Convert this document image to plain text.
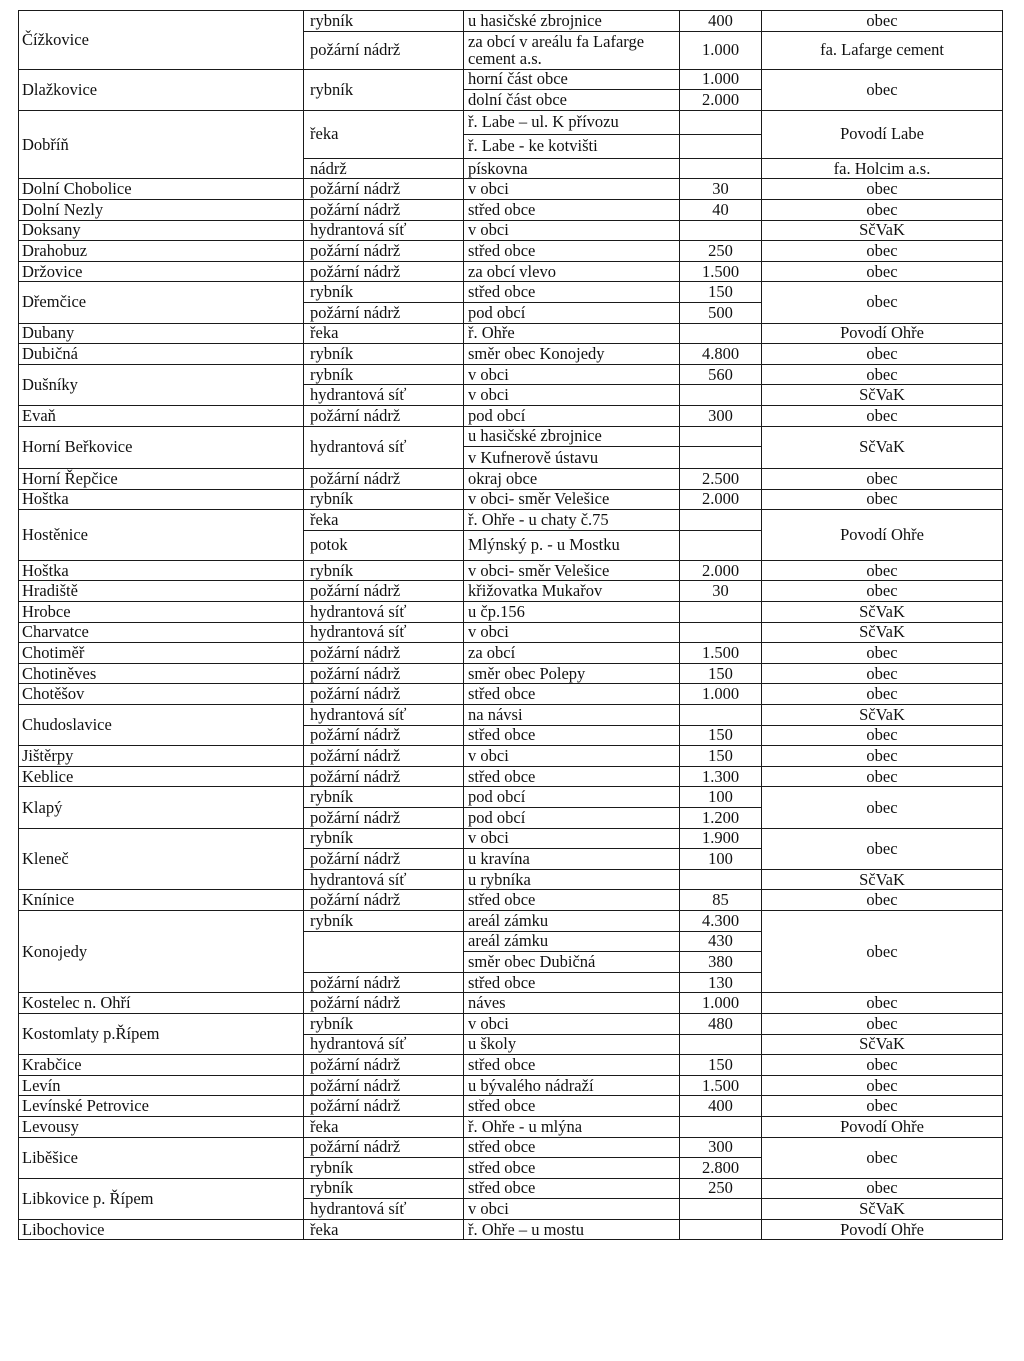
Čížkovice	rybník	u hasičské zbrojnice	400	obec
	požární nádrž	za obcí v areálu fa Lafarge cement a.s.	1.000	fa. Lafarge cement
Dlažkovice	rybník	horní část obce	1.000	obec
		dolní část obce	2.000	
Dobříň	řeka	ř. Labe – ul. K přívozu		Povodí Labe
		ř. Labe - ke kotvišti		
	nádrž	pískovna		fa. Holcim a.s.
Dolní Chobolice	požární nádrž	v obci	30	obec
Dolní Nezly	požární nádrž	střed obce	40	obec
Doksany	hydrantová síť	v obci		SčVaK
Drahobuz	požární nádrž	střed obce	250	obec
Držovice	požární nádrž	za obcí vlevo	1.500	obec
Dřemčice	rybník	střed obce	150	obec
	požární nádrž	pod obcí	500	
Dubany	řeka	ř. Ohře		Povodí Ohře
Dubičná	rybník	směr obec Konojedy	4.800	obec
Dušníky	rybník	v obci	560	obec
	hydrantová síť	v obci		SčVaK
Evaň	požární nádrž	pod obcí	300	obec
Horní Beřkovice	hydrantová síť	u hasičské zbrojnice		SčVaK
		v Kufnerově ústavu		
Horní Řepčice	požární nádrž	okraj obce	2.500	obec
Hoštka	rybník	v obci- směr Velešice	2.000	obec
Hostěnice	řeka	ř. Ohře - u chaty č.75		Povodí Ohře
	potok	Mlýnský p. - u Mostku		
Hoštka	rybník	v obci- směr Velešice	2.000	obec
Hradiště	požární nádrž	křižovatka Mukařov	30	obec
Hrobce	hydrantová síť	u čp.156		SčVaK
Charvatce	hydrantová síť	v obci		SčVaK
Chotiměř	požární nádrž	za obcí	1.500	obec
Chotiněves	požární nádrž	směr obec Polepy	150	obec
Chotěšov	požární nádrž	střed obce	1.000	obec
Chudoslavice	hydrantová síť	na návsi		SčVaK
	požární nádrž	střed obce	150	obec
Jištěrpy	požární nádrž	v obci	150	obec
Keblice	požární nádrž	střed obce	1.300	obec
Klapý	rybník	pod obcí	100	obec
	požární nádrž	pod obcí	1.200	
Kleneč	rybník	v obci	1.900	obec
	požární nádrž	u kravína	100	
	hydrantová síť	u rybníka		SčVaK
Knínice	požární nádrž	střed obce	85	obec
Konojedy	rybník	areál zámku	4.300	obec
		areál zámku	430	
		směr obec Dubičná	380	
	požární nádrž	střed obce	130	
Kostelec n. Ohří	požární nádrž	náves	1.000	obec
Kostomlaty p.Řípem	rybník	v obci	480	obec
	hydrantová síť	u školy		SčVaK
Krabčice	požární nádrž	střed obce	150	obec
Levín	požární nádrž	u bývalého nádraží	1.500	obec
Levínské Petrovice	požární nádrž	střed obce	400	obec
Levousy	řeka	ř. Ohře - u mlýna		Povodí Ohře
Liběšice	požární nádrž	střed obce	300	obec
	rybník	střed obce	2.800	
Libkovice p. Řípem	rybník	střed obce	250	obec
	hydrantová síť	v obci		SčVaK
Libochovice	řeka	ř. Ohře – u mostu		Povodí Ohře
